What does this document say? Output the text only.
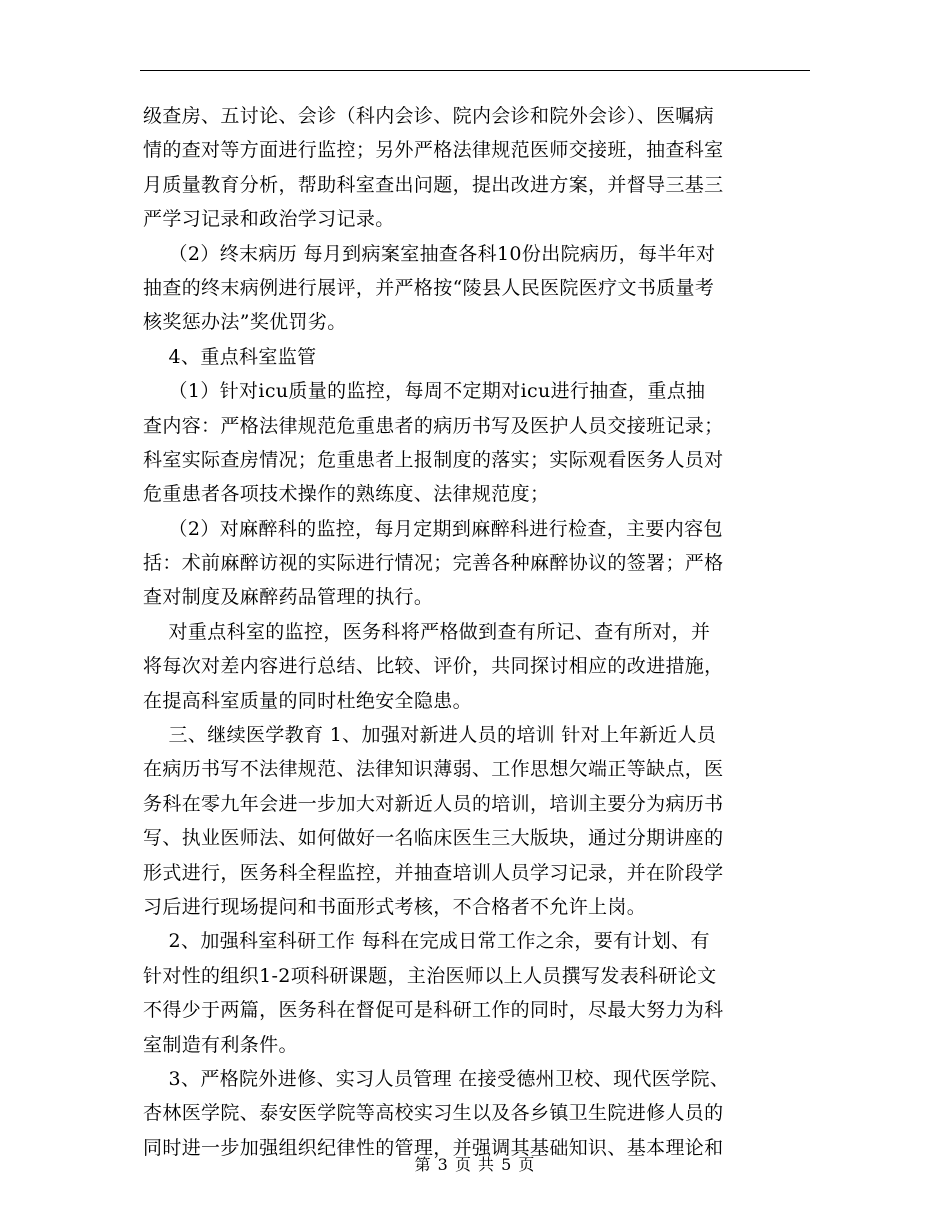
级查房、五讨论、会诊（科内会诊、院内会诊和院外会诊）、医嘱病
情的查对等方面进行监控；另外严格法律规范医师交接班，抽查科室
月质量教育分析，帮助科室查出问题，提出改进方案，并督导三基三
严学习记录和政治学习记录。
（2）终末病历 每月到病案室抽查各科10份出院病历，每半年对
抽查的终末病例进行展评，并严格按“陵县人民医院医疗文书质量考
核奖惩办法”奖优罚劣。
4、重点科室监管
（1）针对icu质量的监控，每周不定期对icu进行抽查，重点抽
查内容：严格法律规范危重患者的病历书写及医护人员交接班记录；
科室实际查房情况；危重患者上报制度的落实；实际观看医务人员对
危重患者各项技术操作的熟练度、法律规范度；
（2）对麻醉科的监控，每月定期到麻醉科进行检查，主要内容包
括：术前麻醉访视的实际进行情况；完善各种麻醉协议的签署；严格
查对制度及麻醉药品管理的执行。
对重点科室的监控，医务科将严格做到查有所记、查有所对，并
将每次对差内容进行总结、比较、评价，共同探讨相应的改进措施，
在提高科室质量的同时杜绝安全隐患。
三、继续医学教育 1、加强对新进人员的培训 针对上年新近人员
在病历书写不法律规范、法律知识薄弱、工作思想欠端正等缺点，医
务科在零九年会进一步加大对新近人员的培训，培训主要分为病历书
写、执业医师法、如何做好一名临床医生三大版块，通过分期讲座的
形式进行，医务科全程监控，并抽查培训人员学习记录，并在阶段学
习后进行现场提问和书面形式考核，不合格者不允许上岗。
2、加强科室科研工作 每科在完成日常工作之余，要有计划、有
针对性的组织1-2项科研课题，主治医师以上人员撰写发表科研论文
不得少于两篇，医务科在督促可是科研工作的同时，尽最大努力为科
室制造有利条件。
3、严格院外进修、实习人员管理 在接受德州卫校、现代医学院、
杏林医学院、泰安医学院等高校实习生以及各乡镇卫生院进修人员的
同时进一步加强组织纪律性的管理，并强调其基础知识、基本理论和
第 3 页 共 5 页
